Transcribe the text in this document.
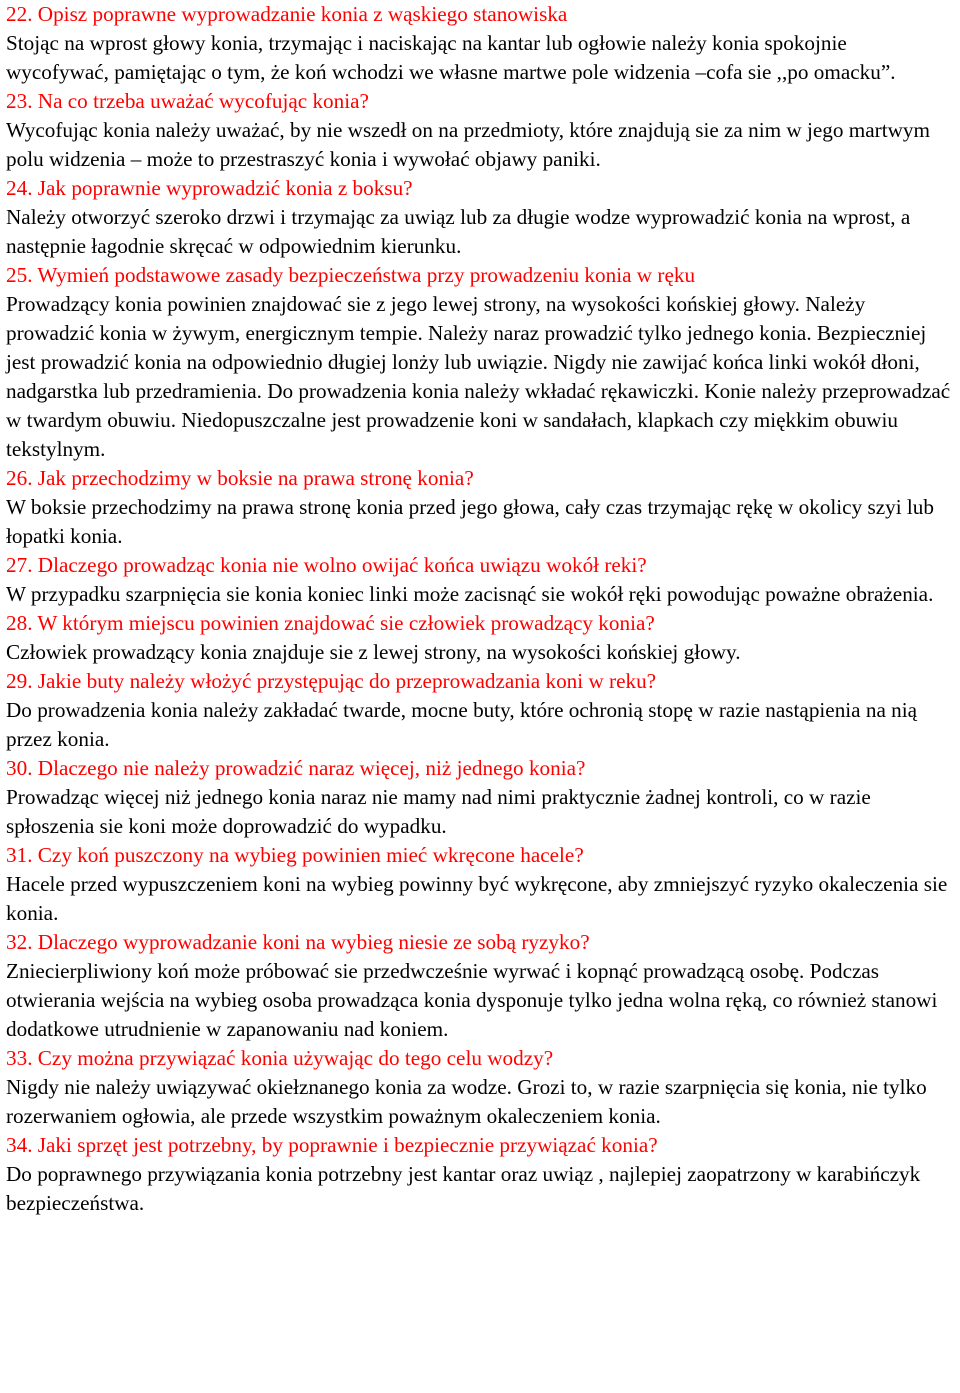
22. Opisz poprawne wyprowadzanie konia z wąskiego stanowiska

Stojąc na wprost głowy konia, trzymając i naciskając na kantar lub ogłowie należy konia spokojnie wycofywać, pamiętając o tym, że koń wchodzi we własne martwe pole widzenia –cofa sie ,,po omacku”.

23. Na co trzeba uważać wycofując konia?

Wycofując konia należy uważać, by nie wszedł on na przedmioty, które znajdują sie za nim w jego martwym polu widzenia – może to przestraszyć konia i wywołać objawy paniki.

24. Jak poprawnie wyprowadzić konia z boksu?

Należy otworzyć szeroko drzwi i trzymając za uwiąz lub za długie wodze wyprowadzić konia na wprost, a następnie łagodnie skręcać w odpowiednim kierunku.

25. Wymień podstawowe zasady bezpieczeństwa przy prowadzeniu konia w ręku

Prowadzący konia powinien znajdować sie z jego lewej strony, na wysokości końskiej głowy. Należy prowadzić konia w żywym, energicznym tempie. Należy naraz prowadzić tylko jednego konia. Bezpieczniej jest prowadzić konia na odpowiednio długiej lonży lub uwiązie. Nigdy nie zawijać końca linki wokół dłoni, nadgarstka lub przedramienia. Do prowadzenia konia należy wkładać rękawiczki. Konie należy przeprowadzać w twardym obuwiu. Niedopuszczalne jest prowadzenie koni w sandałach, klapkach czy miękkim obuwiu tekstylnym.

26. Jak przechodzimy w boksie na prawa stronę konia?

W boksie przechodzimy na prawa stronę konia przed jego głowa, cały czas trzymając rękę w okolicy szyi lub łopatki konia.

27. Dlaczego prowadząc konia nie wolno owijać końca uwiązu wokół reki?

W przypadku szarpnięcia sie konia koniec linki może zacisnąć sie wokół ręki powodując poważne obrażenia.

28. W którym miejscu powinien znajdować sie człowiek prowadzący konia?

Człowiek prowadzący konia znajduje sie z lewej strony, na wysokości końskiej głowy.

29. Jakie buty należy włożyć przystępując do przeprowadzania koni w reku?

Do prowadzenia konia należy zakładać twarde, mocne buty, które ochronią stopę w razie nastąpienia na nią przez konia.

30. Dlaczego nie należy prowadzić naraz więcej, niż jednego konia?

Prowadząc więcej niż jednego konia naraz nie mamy nad nimi praktycznie żadnej kontroli, co w razie spłoszenia sie koni może doprowadzić do wypadku.

31. Czy koń puszczony na wybieg powinien mieć wkręcone hacele?

Hacele przed wypuszczeniem koni na wybieg powinny być wykręcone, aby zmniejszyć ryzyko okaleczenia sie konia.

32. Dlaczego wyprowadzanie koni na wybieg niesie ze sobą ryzyko?

Zniecierpliwiony koń może próbować sie przedwcześnie wyrwać i kopnąć prowadzącą osobę. Podczas otwierania wejścia na wybieg osoba prowadząca konia dysponuje tylko jedna wolna ręką, co również stanowi dodatkowe utrudnienie w zapanowaniu nad koniem.

33. Czy można przywiązać konia używając do tego celu wodzy?

Nigdy nie należy uwiązywać okiełznanego konia za wodze. Grozi to, w razie szarpnięcia się konia, nie tylko rozerwaniem ogłowia, ale przede wszystkim poważnym okaleczeniem konia.

34. Jaki sprzęt jest potrzebny, by poprawnie i bezpiecznie przywiązać konia?

Do poprawnego przywiązania konia potrzebny jest kantar oraz uwiąz , najlepiej zaopatrzony w karabińczyk bezpieczeństwa.
